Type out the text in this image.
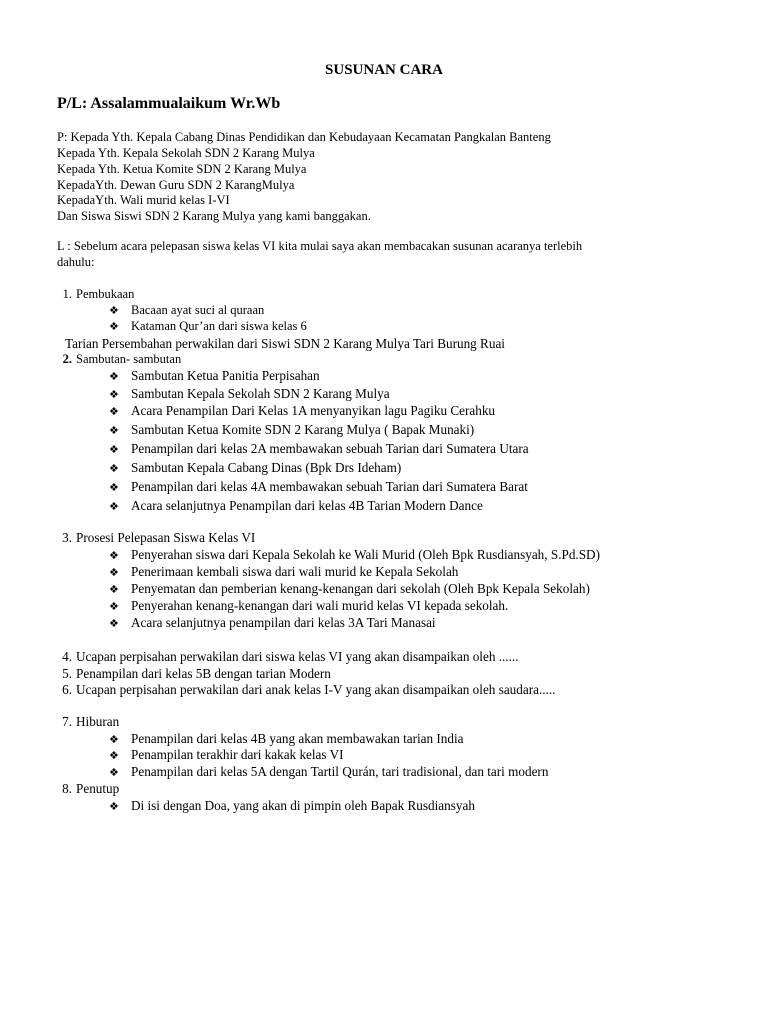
SUSUNAN CARA
P/L: Assalammualaikum Wr.Wb
P: Kepada Yth. Kepala Cabang Dinas Pendidikan dan Kebudayaan Kecamatan Pangkalan Banteng
Kepada Yth. Kepala Sekolah SDN 2 Karang Mulya
Kepada Yth. Ketua Komite SDN 2 Karang Mulya
KepadaYth. Dewan Guru SDN 2 KarangMulya
KepadaYth. Wali murid kelas I-VI
Dan Siswa Siswi SDN 2 Karang Mulya yang kami banggakan.
L : Sebelum acara pelepasan siswa kelas VI kita mulai saya akan membacakan susunan acaranya terlebih
dahulu:
1. Pembukaan
❖ Bacaan ayat suci al quraan
❖ Kataman Qur’an dari siswa kelas 6
Tarian Persembahan perwakilan dari Siswi SDN 2 Karang Mulya Tari Burung Ruai
2. Sambutan- sambutan
❖ Sambutan Ketua Panitia Perpisahan
❖ Sambutan Kepala Sekolah SDN 2 Karang Mulya
❖ Acara Penampilan Dari Kelas 1A menyanyikan lagu Pagiku Cerahku
❖ Sambutan Ketua Komite SDN 2 Karang Mulya ( Bapak Munaki)
❖ Penampilan dari kelas 2A membawakan sebuah Tarian dari Sumatera Utara
❖ Sambutan Kepala Cabang Dinas (Bpk Drs Ideham)
❖ Penampilan dari kelas 4A membawakan sebuah Tarian dari Sumatera Barat
❖ Acara selanjutnya Penampilan dari kelas 4B Tarian Modern Dance
3. Prosesi Pelepasan Siswa Kelas VI
❖ Penyerahan siswa dari Kepala Sekolah ke Wali Murid (Oleh Bpk Rusdiansyah, S.Pd.SD)
❖ Penerimaan kembali siswa dari wali murid ke Kepala Sekolah
❖ Penyematan dan pemberian kenang-kenangan dari sekolah (Oleh Bpk Kepala Sekolah)
❖ Penyerahan kenang-kenangan dari wali murid kelas VI kepada sekolah.
❖ Acara selanjutnya penampilan dari kelas 3A Tari Manasai
4. Ucapan perpisahan perwakilan dari siswa kelas VI yang akan disampaikan oleh ......
5. Penampilan dari kelas 5B dengan tarian Modern
6. Ucapan perpisahan perwakilan dari anak kelas I-V yang akan disampaikan oleh saudara.....
7. Hiburan
❖ Penampilan dari kelas 4B yang akan membawakan tarian India
❖ Penampilan terakhir dari kakak kelas VI
❖ Penampilan dari kelas 5A dengan Tartil Qurán, tari tradisional, dan tari modern
8. Penutup
❖ Di isi dengan Doa, yang akan di pimpin oleh Bapak Rusdiansyah
